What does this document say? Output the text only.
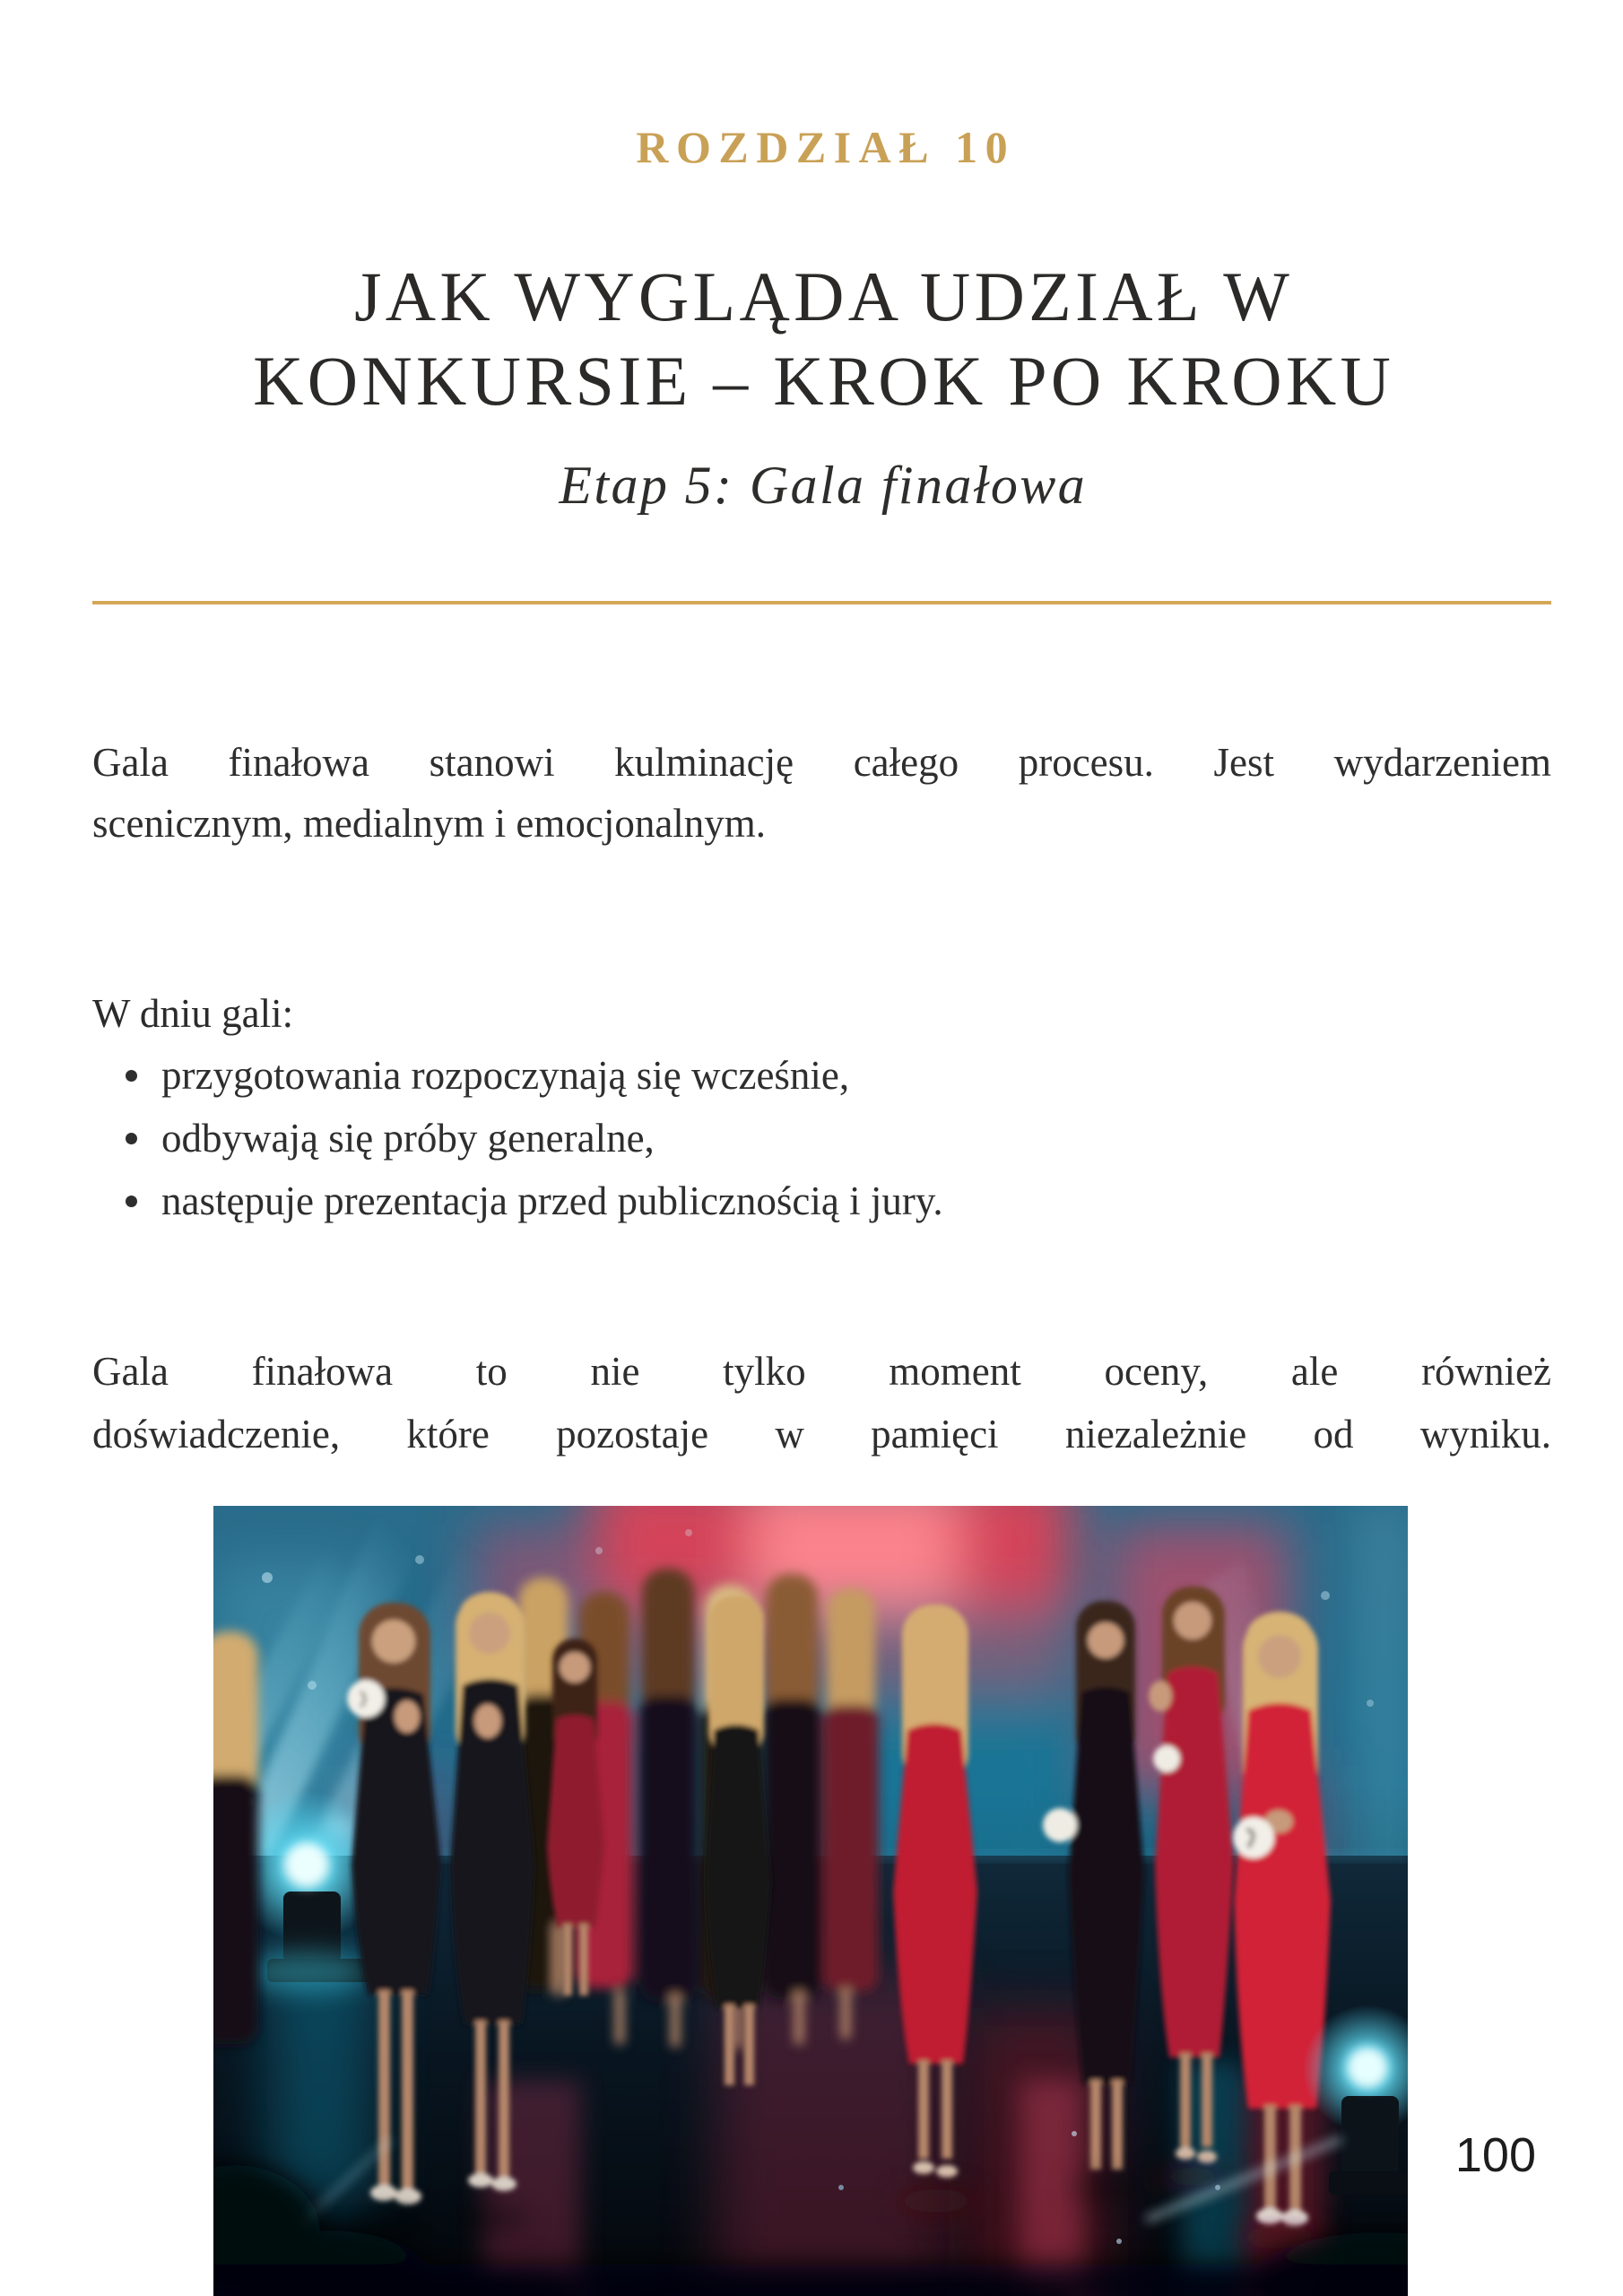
ROZDZIAŁ 10
JAK WYGLĄDA UDZIAŁ W
KONKURSIE – KROK PO KROKU
Etap 5: Gala finałowa

Gala finałowa stanowi kulminację całego procesu. Jest wydarzeniem
scenicznym, medialnym i emocjonalnym.

W dniu gali:
przygotowania rozpoczynają się wcześnie,
odbywają się próby generalne,
następuje prezentacja przed publicznością i jury.

Gala finałowa to nie tylko moment oceny, ale również
doświadczenie, które pozostaje w pamięci niezależnie od wyniku.

100
